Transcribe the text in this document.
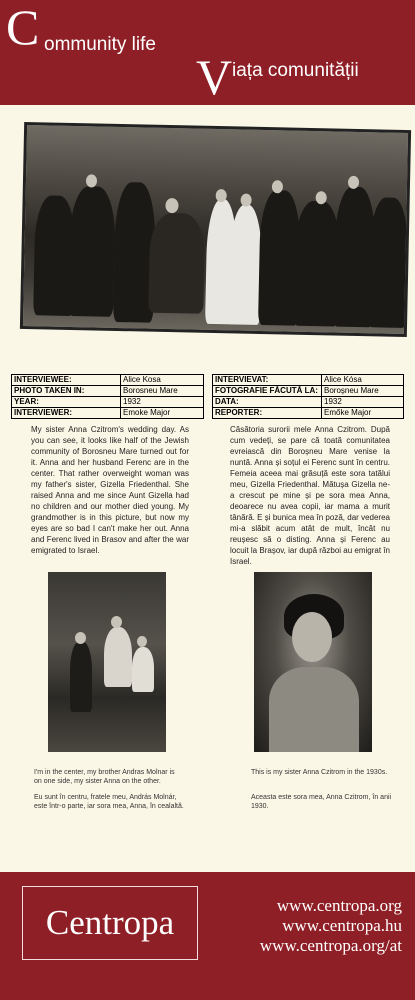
C ommunity life
V iața comunității
INTERVIEWEE:	Alice Kosa
PHOTO TAKEN IN:	Borosneu Mare
YEAR:	1932
INTERVIEWER:	Emoke Major
INTERVIEVAT:	Alice Kósa
FOTOGRAFIE FĂCUTĂ LA:	Boroșneu Mare
DATA:	1932
REPORTER:	Emőke Major
My sister Anna Czitrom's wedding day. As you can see, it looks like half of the Jewish community of Borosneu Mare turned out for it. Anna and her husband Ferenc are in the center. That rather overweight woman was my father's sister, Gizella Friedenthal. She raised Anna and me since Aunt Gizella had no children and our mother died young. My grandmother is in this picture, but now my eyes are so bad I can't make her out. Anna and Ferenc lived in Brasov and after the war emigrated to Israel.
Căsătoria surorii mele Anna Czitrom. După cum vedeți, se pare că toată comunitatea evreiască din Boroșneu Mare venise la nuntă. Anna și soțul ei Ferenc sunt în centru. Femeia aceea mai grăsuță este sora tatălui meu, Gizella Friedenthal. Mătușa Gizella ne-a crescut pe mine și pe sora mea Anna, deoarece nu avea copii, iar mama a murit tânără. E și bunica mea în poză, dar vederea mi-a slăbit acum atât de mult, încât nu reușesc să o disting. Anna și Ferenc au locuit la Brașov, iar după război au emigrat în Israel.
I'm in the center, my brother Andras Molnar is on one side, my sister Anna on the other.
Eu sunt în centru, fratele meu, András Molnár, este într-o parte, iar sora mea, Anna, în cealaltă.
This is my sister Anna Czitrom in the 1930s.
Aceasta este sora mea, Anna Czitrom, în anii 1930.
Centropa	www.centropa.org
www.centropa.hu
www.centropa.org/at
